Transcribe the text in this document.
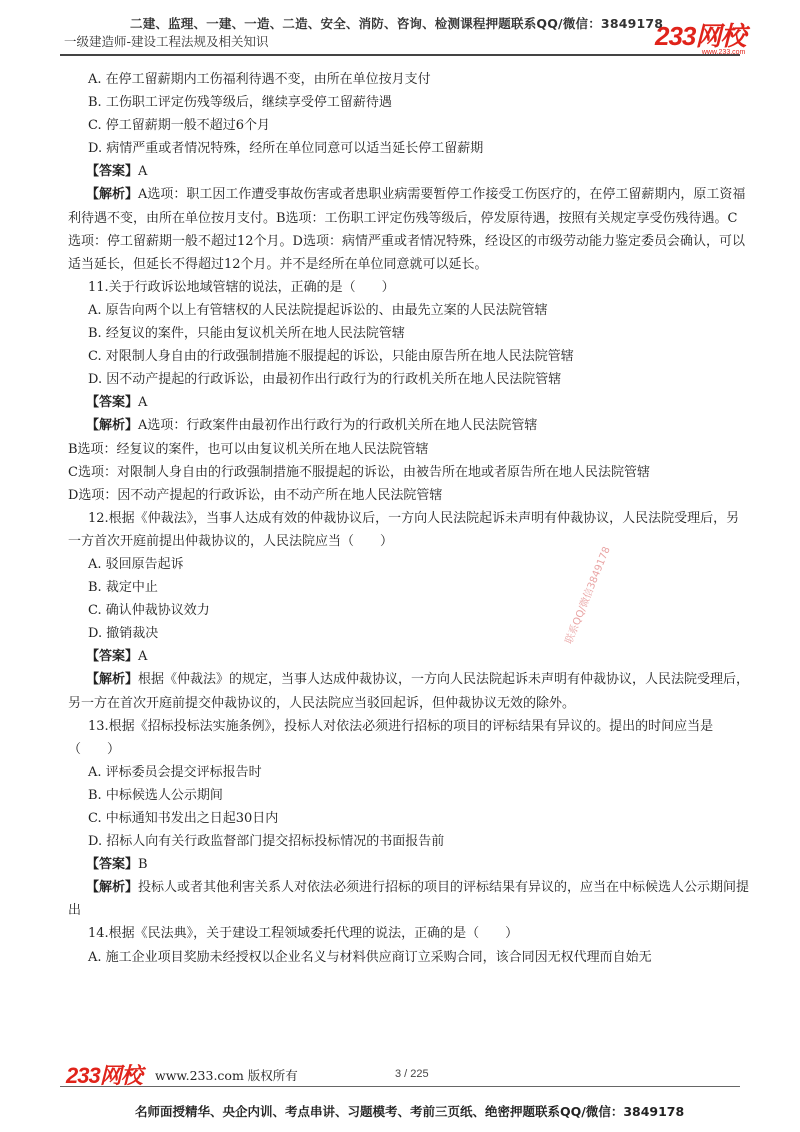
二建、监理、一建、一造、二造、安全、消防、咨询、检测课程押题联系QQ/微信：3849178
一级建造师-建设工程法规及相关知识	233网校
www.233.com

A. 在停工留薪期内工伤福利待遇不变，由所在单位按月支付

B. 工伤职工评定伤残等级后，继续享受停工留薪待遇

C. 停工留薪期一般不超过6个月

D. 病情严重或者情况特殊，经所在单位同意可以适当延长停工留薪期

【答案】A

【解析】A选项：职工因工作遭受事故伤害或者患职业病需要暂停工作接受工伤医疗的，在停工留薪期内，原工资福利待遇不变，由所在单位按月支付。B选项：工伤职工评定伤残等级后，停发原待遇，按照有关规定享受伤残待遇。C选项：停工留薪期一般不超过12个月。D选项：病情严重或者情况特殊，经设区的市级劳动能力鉴定委员会确认，可以适当延长，但延长不得超过12个月。并不是经所在单位同意就可以延长。

11.关于行政诉讼地域管辖的说法，正确的是（　　）

A. 原告向两个以上有管辖权的人民法院提起诉讼的、由最先立案的人民法院管辖

B. 经复议的案件，只能由复议机关所在地人民法院管辖

C. 对限制人身自由的行政强制措施不服提起的诉讼，只能由原告所在地人民法院管辖

D. 因不动产提起的行政诉讼，由最初作出行政行为的行政机关所在地人民法院管辖

【答案】A

【解析】A选项：行政案件由最初作出行政行为的行政机关所在地人民法院管辖

B选项：经复议的案件，也可以由复议机关所在地人民法院管辖

C选项：对限制人身自由的行政强制措施不服提起的诉讼，由被告所在地或者原告所在地人民法院管辖

D选项：因不动产提起的行政诉讼，由不动产所在地人民法院管辖

12.根据《仲裁法》，当事人达成有效的仲裁协议后，一方向人民法院起诉未声明有仲裁协议，人民法院受理后，另一方首次开庭前提出仲裁协议的，人民法院应当（　　）

A. 驳回原告起诉

B. 裁定中止

C. 确认仲裁协议效力

D. 撤销裁决

【答案】A

【解析】根据《仲裁法》的规定，当事人达成仲裁协议，一方向人民法院起诉未声明有仲裁协议，人民法院受理后，另一方在首次开庭前提交仲裁协议的，人民法院应当驳回起诉，但仲裁协议无效的除外。

13.根据《招标投标法实施条例》，投标人对依法必须进行招标的项目的评标结果有异议的。提出的时间应当是（　　）

A. 评标委员会提交评标报告时

B. 中标候选人公示期间

C. 中标通知书发出之日起30日内

D. 招标人向有关行政监督部门提交招标投标情况的书面报告前

【答案】B

【解析】投标人或者其他利害关系人对依法必须进行招标的项目的评标结果有异议的，应当在中标候选人公示期间提出

14.根据《民法典》，关于建设工程领域委托代理的说法，正确的是（　　）

A. 施工企业项目奖励未经授权以企业名义与材料供应商订立采购合同，该合同因无权代理而自始无

联系QQ/微信3849178
233网校 www.233.com 版权所有	3 / 225
名师面授精华、央企内训、考点串讲、习题模考、考前三页纸、绝密押题联系QQ/微信：3849178
